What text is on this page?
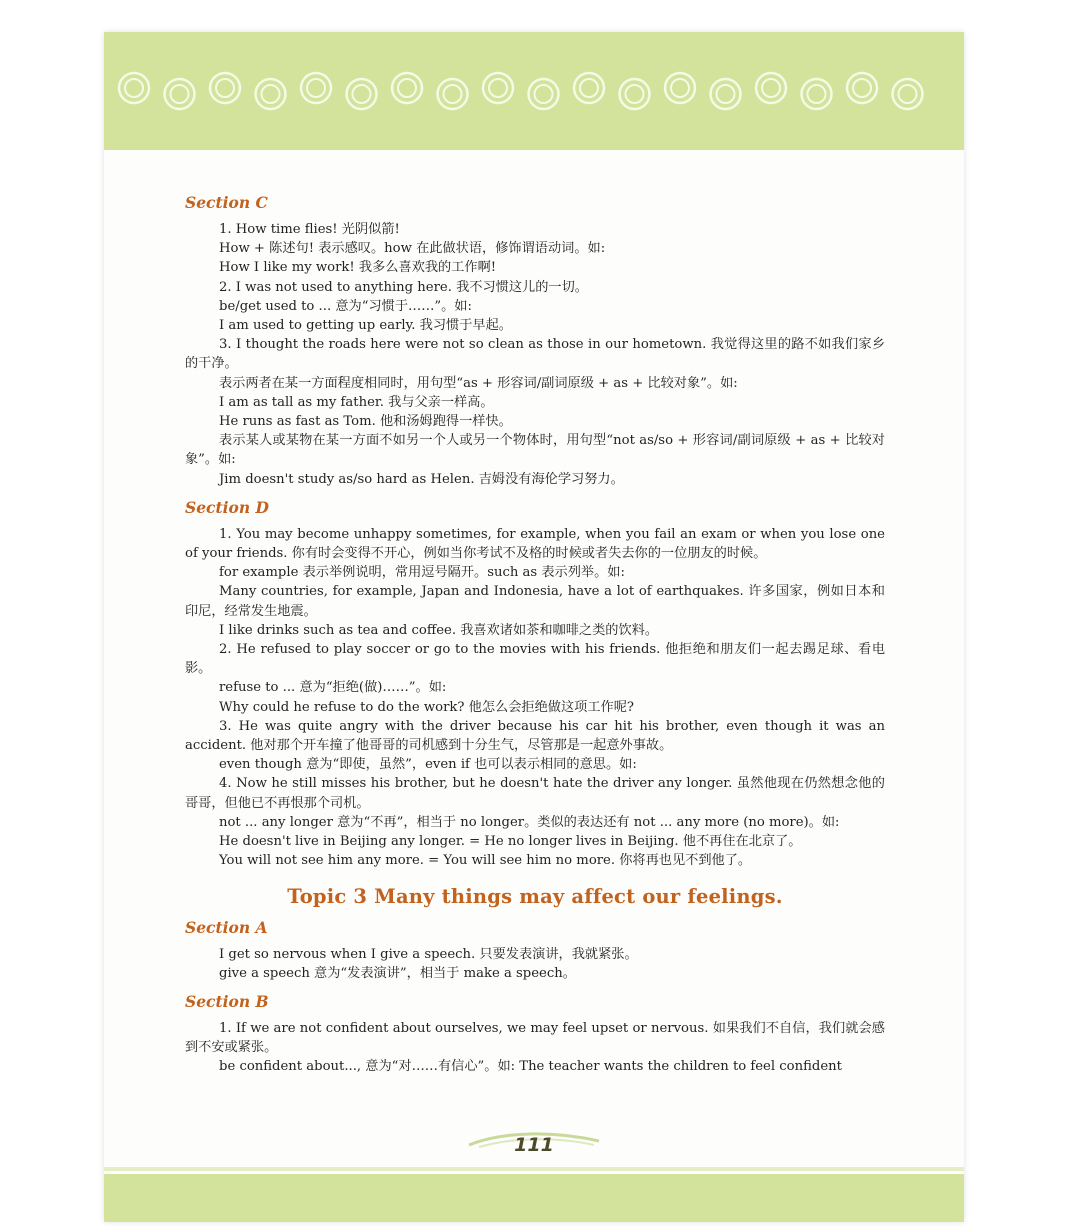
Section C

1. How time flies! 光阴似箭!

How + 陈述句! 表示感叹。how 在此做状语，修饰谓语动词。如:

How I like my work! 我多么喜欢我的工作啊!

2. I was not used to anything here. 我不习惯这儿的一切。

be/get used to ... 意为“习惯于……”。如:

I am used to getting up early. 我习惯于早起。

3. I thought the roads here were not so clean as those in our hometown. 我觉得这里的路不如我们家乡的干净。

表示两者在某一方面程度相同时，用句型“as + 形容词/副词原级 + as + 比较对象”。如:

I am as tall as my father. 我与父亲一样高。

He runs as fast as Tom. 他和汤姆跑得一样快。

表示某人或某物在某一方面不如另一个人或另一个物体时，用句型“not as/so + 形容词/副词原级 + as + 比较对象”。如:

Jim doesn't study as/so hard as Helen. 吉姆没有海伦学习努力。

Section D

1. You may become unhappy sometimes, for example, when you fail an exam or when you lose one of your friends. 你有时会变得不开心，例如当你考试不及格的时候或者失去你的一位朋友的时候。

for example 表示举例说明，常用逗号隔开。such as 表示列举。如:

Many countries, for example, Japan and Indonesia, have a lot of earthquakes. 许多国家，例如日本和印尼，经常发生地震。

I like drinks such as tea and coffee. 我喜欢诸如茶和咖啡之类的饮料。

2. He refused to play soccer or go to the movies with his friends. 他拒绝和朋友们一起去踢足球、看电影。

refuse to ... 意为“拒绝(做)……”。如:

Why could he refuse to do the work? 他怎么会拒绝做这项工作呢?

3. He was quite angry with the driver because his car hit his brother, even though it was an accident. 他对那个开车撞了他哥哥的司机感到十分生气，尽管那是一起意外事故。

even though 意为“即使，虽然”，even if 也可以表示相同的意思。如:

4. Now he still misses his brother, but he doesn't hate the driver any longer. 虽然他现在仍然想念他的哥哥，但他已不再恨那个司机。

not ... any longer 意为“不再”，相当于 no longer。类似的表达还有 not ... any more (no more)。如:

He doesn't live in Beijing any longer. = He no longer lives in Beijing. 他不再住在北京了。

You will not see him any more. = You will see him no more. 你将再也见不到他了。

Topic 3 Many things may affect our feelings.
Section A

I get so nervous when I give a speech. 只要发表演讲，我就紧张。

give a speech 意为“发表演讲”，相当于 make a speech。

Section B

1. If we are not confident about ourselves, we may feel upset or nervous. 如果我们不自信，我们就会感到不安或紧张。

be confident about..., 意为“对……有信心”。如: The teacher wants the children to feel confident

111
